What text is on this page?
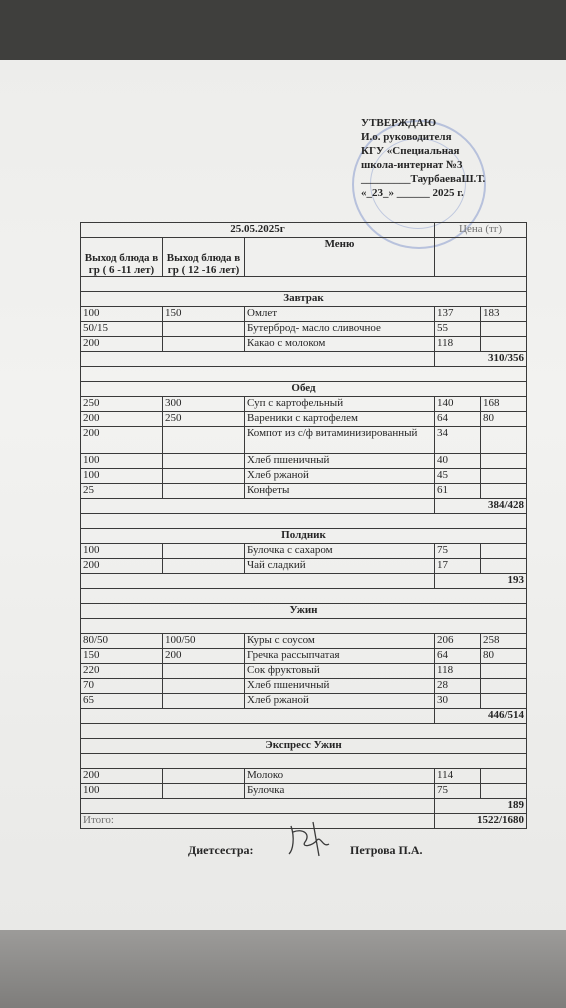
УТВЕРЖДАЮ
И.о. руководителя
КГУ «Специальная
школа-интернат №3
_________ТаурбаеваШ.Т.
«_23_» ______ 2025 г.
25.05.2025г			Цена (тг)	
Выход блюда в гр ( 6 -11 лет)	Выход блюда в гр ( 12 -16 лет)	Меню		

Завтрак				
100	150	Омлет	137	183
50/15		Бутерброд- масло сливочное	55	
200		Какао с молоком	118	
			310/356	

Обед				
250	300	Суп с картофельный	140	168
200	250	Вареники с картофелем	64	80
200		Компот из с/ф витаминизированный	34	
100		Хлеб пшеничный	40	
100		Хлеб ржаной	45	
25		Конфеты	61	
			384/428	

Полдник				
100		Булочка с сахаром	75	
200		Чай сладкий	17	
			193	

Ужин				

80/50	100/50	Куры с соусом	206	258
150	200	Гречка рассыпчатая	64	80
220		Сок фруктовый	118	
70		Хлеб пшеничный	28	
65		Хлеб ржаной	30	
			446/514	

Экспресс Ужин				

200		Молоко	114	
100		Булочка	75	
			189	
Итого:			1522/1680	
Диетсестра:	Петрова П.А.
